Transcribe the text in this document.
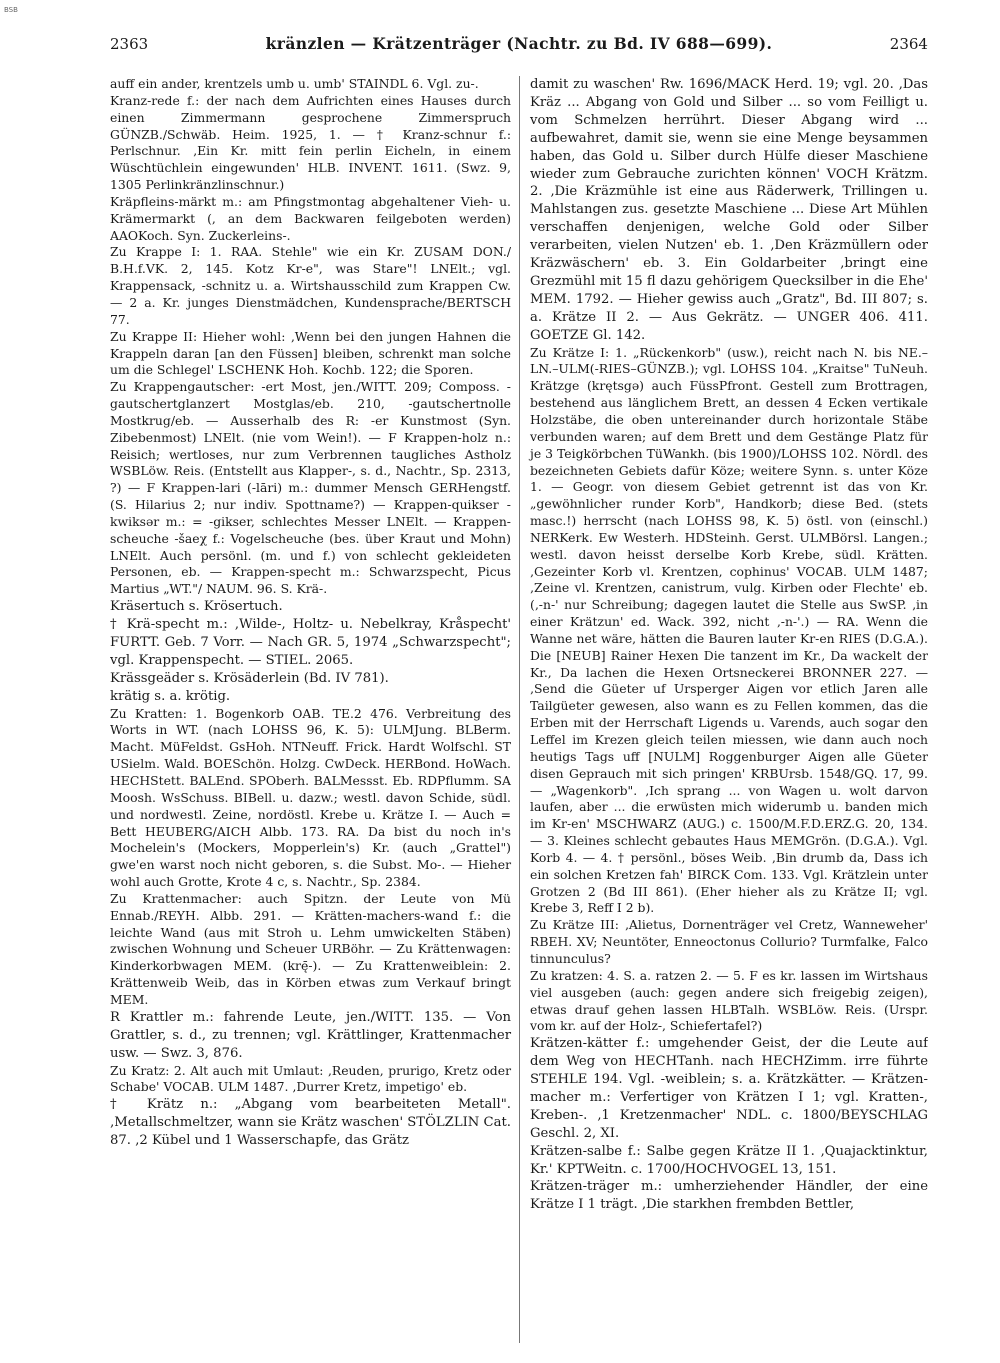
BSB
2363	kränzlen — Krätzenträger (Nachtr. zu Bd. IV 688—699).	2364

auff ein ander, krentzels umb u. umb' STAINDL 6. Vgl. zu-.

Kranz-rede f.: der nach dem Aufrichten eines Hauses durch einen Zimmermann gesprochene Zimmerspruch GÜNZB./Schwäb. Heim. 1925, 1. — † Kranz-schnur f.: Perlschnur. ‚Ein Kr. mitt fein perlin Eicheln, in einem Wüschtüchlein eingewunden' HLB. INVENT. 1611. (Swz. 9, 1305 Perlinkränzlinschnur.)

Kräpfleins-märkt m.: am Pfingstmontag abgehaltener Vieh- u. Krämermarkt (, an dem Backwaren feilgeboten werden) AAOKoch. Syn. Zuckerleins-.

Zu Krappe I: 1. RAA. Stehle" wie ein Kr. ZUSAM DON./ B.H.f.VK. 2, 145. Kotz Kr-e", was Stare"! LNElt.; vgl. Krappensack, -schnitz u. a. Wirtshausschild zum Krappen Cw. — 2 a. Kr. junges Dienstmädchen, Kundensprache/BERTSCH 77.

Zu Krappe II: Hieher wohl: ‚Wenn bei den jungen Hahnen die Krappeln daran [an den Füssen] bleiben, schrenkt man solche um die Schlegel' LSCHENK Hoh. Kochb. 122; die Sporen.

Zu Krappengautscher: -ert Most, jen./WITT. 209; Composs. -gautschertglanzert Mostglas/eb. 210, -gautschertnolle Mostkrug/eb. — Ausserhalb des R: -er Kunstmost (Syn. Zibebenmost) LNElt. (nie vom Wein!). — F Krappen-holz n.: Reisich; wertloses, nur zum Verbrennen taugliches Astholz WSBLöw. Reis. (Entstellt aus Klapper-, s. d., Nachtr., Sp. 2313, ?) — F Krappen-lari (-lāri) m.: dummer Mensch GERHengstf. (S. Hilarius 2; nur indiv. Spottname?) — Krappen-quikser -kwiksər m.: = -gikser, schlechtes Messer LNElt. — Krappen-scheuche -šaeχ f.: Vogelscheuche (bes. über Kraut und Mohn) LNElt. Auch persönl. (m. und f.) von schlecht gekleideten Personen, eb. — Krappen-specht m.: Schwarzspecht, Picus Martius „WT."/ NAUM. 96. S. Krä-.

Kräsertuch s. Krösertuch.

† Krä-specht m.: ‚Wilde-, Holtz- u. Nebelkray, Kråspecht' FURTT. Geb. 7 Vorr. — Nach GR. 5, 1974 „Schwarzspecht"; vgl. Krappenspecht. — STIEL. 2065.

Krässgeäder s. Krösäderlein (Bd. IV 781).

krätig s. a. krötig.

Zu Kratten: 1. Bogenkorb OAB. TE.2 476. Verbreitung des Worts in WT. (nach LOHSS 96, K. 5): ULMJung. BLBerm. Macht. MüFeldst. GsHoh. NTNeuff. Frick. Hardt Wolfschl. ST USielm. Wald. BOESchön. Holzg. CwDeck. HERBond. HoWach. HECHStett. BALEnd. SPOberh. BALMessst. Eb. RDPflumm. SA Moosh. WsSchuss. BIBell. u. dazw.; westl. davon Schide, südl. und nordwestl. Zeine, nordöstl. Krebe u. Krätze I. — Auch = Bett HEUBERG/AICH Albb. 173. RA. Da bist du noch in's Mochelein's (Mockers, Mopperlein's) Kr. (auch „Grattel") gwe'en warst noch nicht geboren, s. die Subst. Mo-. — Hieher wohl auch Grotte, Krote 4 c, s. Nachtr., Sp. 2384.

Zu Krattenmacher: auch Spitzn. der Leute von Mü Ennab./REYH. Albb. 291. — Krätten-machers-wand f.: die leichte Wand (aus mit Stroh u. Lehm umwickelten Stäben) zwischen Wohnung und Scheuer URBöhr. — Zu Krättenwagen: Kinderkorbwagen MEM. (krę̄-). — Zu Krattenweiblein: 2. Krättenweib Weib, das in Körben etwas zum Verkauf bringt MEM.

R Krattler m.: fahrende Leute, jen./WITT. 135. — Von Grattler, s. d., zu trennen; vgl. Krättlinger, Krattenmacher usw. — Swz. 3, 876.

Zu Kratz: 2. Alt auch mit Umlaut: ‚Reuden, prurigo, Kretz oder Schabe' VOCAB. ULM 1487. ‚Durrer Kretz, impetigo' eb.

† Krätz n.: „Abgang vom bearbeiteten Metall". ‚Metallschmeltzer, wann sie Krätz waschen' STÖLZLIN Cat. 87. ‚2 Kübel und 1 Wasserschapfe, das Grätz

damit zu waschen' Rw. 1696/MACK Herd. 19; vgl. 20. ‚Das Kräz ... Abgang von Gold und Silber ... so vom Feilligt u. vom Schmelzen herrührt. Dieser Abgang wird ... aufbewahret, damit sie, wenn sie eine Menge beysammen haben, das Gold u. Silber durch Hülfe dieser Maschiene wieder zum Gebrauche zurichten können' VOCH Krätzm. 2. ‚Die Kräzmühle ist eine aus Räderwerk, Trillingen u. Mahlstangen zus. gesetzte Maschiene ... Diese Art Mühlen verschaffen denjenigen, welche Gold oder Silber verarbeiten, vielen Nutzen' eb. 1. ‚Den Kräzmüllern oder Kräzwäschern' eb. 3. Ein Goldarbeiter ‚bringt eine Grezmühl mit 15 fl dazu gehörigem Quecksilber in die Ehe' MEM. 1792. — Hieher gewiss auch „Gratz", Bd. III 807; s. a. Krätze II 2. — Aus Gekrätz. — UNGER 406. 411. GOETZE Gl. 142.

Zu Krätze I: 1. „Rückenkorb" (usw.), reicht nach N. bis NE.–LN.–ULM(-RIES–GÜNZB.); vgl. LOHSS 104. „Kraitse" TuNeuh. Krätzge (krętsgə) auch FüssPfront. Gestell zum Brottragen, bestehend aus länglichem Brett, an dessen 4 Ecken vertikale Holzstäbe, die oben untereinander durch horizontale Stäbe verbunden waren; auf dem Brett und dem Gestänge Platz für je 3 Teigkörbchen TüWankh. (bis 1900)/LOHSS 102. Nördl. des bezeichneten Gebiets dafür Köze; weitere Synn. s. unter Köze 1. — Geogr. von diesem Gebiet getrennt ist das von Kr. „gewöhnlicher runder Korb", Handkorb; diese Bed. (stets masc.!) herrscht (nach LOHSS 98, K. 5) östl. von (einschl.) NERKerk. Ew Westerh. HDSteinh. Gerst. ULMBörsl. Langen.; westl. davon heisst derselbe Korb Krebe, südl. Krätten. ‚Gezeinter Korb vl. Krentzen, cophinus' VOCAB. ULM 1487; ‚Zeine vl. Krentzen, canistrum, vulg. Kirben oder Flechte' eb. (‚-n-' nur Schreibung; dagegen lautet die Stelle aus SwSP. ‚in einer Krätzun' ed. Wack. 392, nicht ‚-n-'.) — RA. Wenn die Wanne net wäre, hätten die Bauren lauter Kr-en RIES (D.G.A.). Die [NEUB] Rainer Hexen Die tanzent im Kr., Da wackelt der Kr., Da lachen die Hexen Ortsneckerei BRONNER 227. — ‚Send die Güeter uf Ursperger Aigen vor etlich Jaren alle Tailgüeter gewesen, also wann es zu Fellen kommen, das die Erben mit der Herrschaft Ligends u. Varends, auch sogar den Leffel im Krezen gleich teilen miessen, wie dann auch noch heutigs Tags uff [NULM] Roggenburger Aigen alle Güeter disen Geprauch mit sich pringen' KRBUrsb. 1548/GQ. 17, 99. — „Wagenkorb". ‚Ich sprang ... von Wagen u. wolt darvon laufen, aber ... die erwüsten mich widerumb u. banden mich im Kr-en' MSCHWARZ (AUG.) c. 1500/M.F.D.ERZ.G. 20, 134. — 3. Kleines schlecht gebautes Haus MEMGrön. (D.G.A.). Vgl. Korb 4. — 4. † persönl., böses Weib. ‚Bin drumb da, Dass ich ein solchen Kretzen fah' BIRCK Com. 133. Vgl. Krätzlein unter Grotzen 2 (Bd III 861). (Eher hieher als zu Krätze II; vgl. Krebe 3, Reff I 2 b).

Zu Krätze III: ‚Alietus, Dornenträger vel Cretz, Wanneweher' RBEH. XV; Neuntöter, Enneoctonus Collurio? Turmfalke, Falco tinnunculus?

Zu kratzen: 4. S. a. ratzen 2. — 5. F es kr. lassen im Wirtshaus viel ausgeben (auch: gegen andere sich freigebig zeigen), etwas drauf gehen lassen HLBTalh. WSBLöw. Reis. (Urspr. vom kr. auf der Holz-, Schiefertafel?)

Krätzen-kätter f.: umgehender Geist, der die Leute auf dem Weg von HECHTanh. nach HECHZimm. irre führte STEHLE 194. Vgl. -weiblein; s. a. Krätzkätter. — Krätzen-macher m.: Verfertiger von Krätzen I 1; vgl. Kratten-, Kreben-. ‚1 Kretzenmacher' NDL. c. 1800/BEYSCHLAG Geschl. 2, XI.

Krätzen-salbe f.: Salbe gegen Krätze II 1. ‚Quajacktinktur, Kr.' KPTWeitn. c. 1700/HOCHVOGEL 13, 151.

Krätzen-träger m.: umherziehender Händler, der eine Krätze I 1 trägt. ‚Die starkhen frembden Bettler,
